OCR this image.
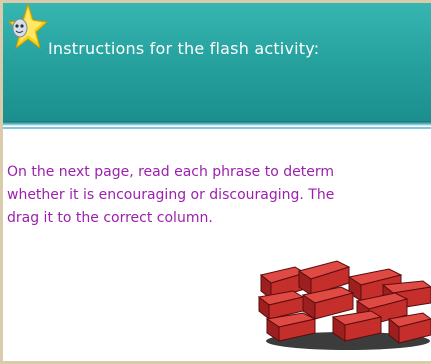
Instructions for the flash activity:
On the next page, read each phrase to determ
whether it is encouraging or discouraging. The
drag it to the correct column.
